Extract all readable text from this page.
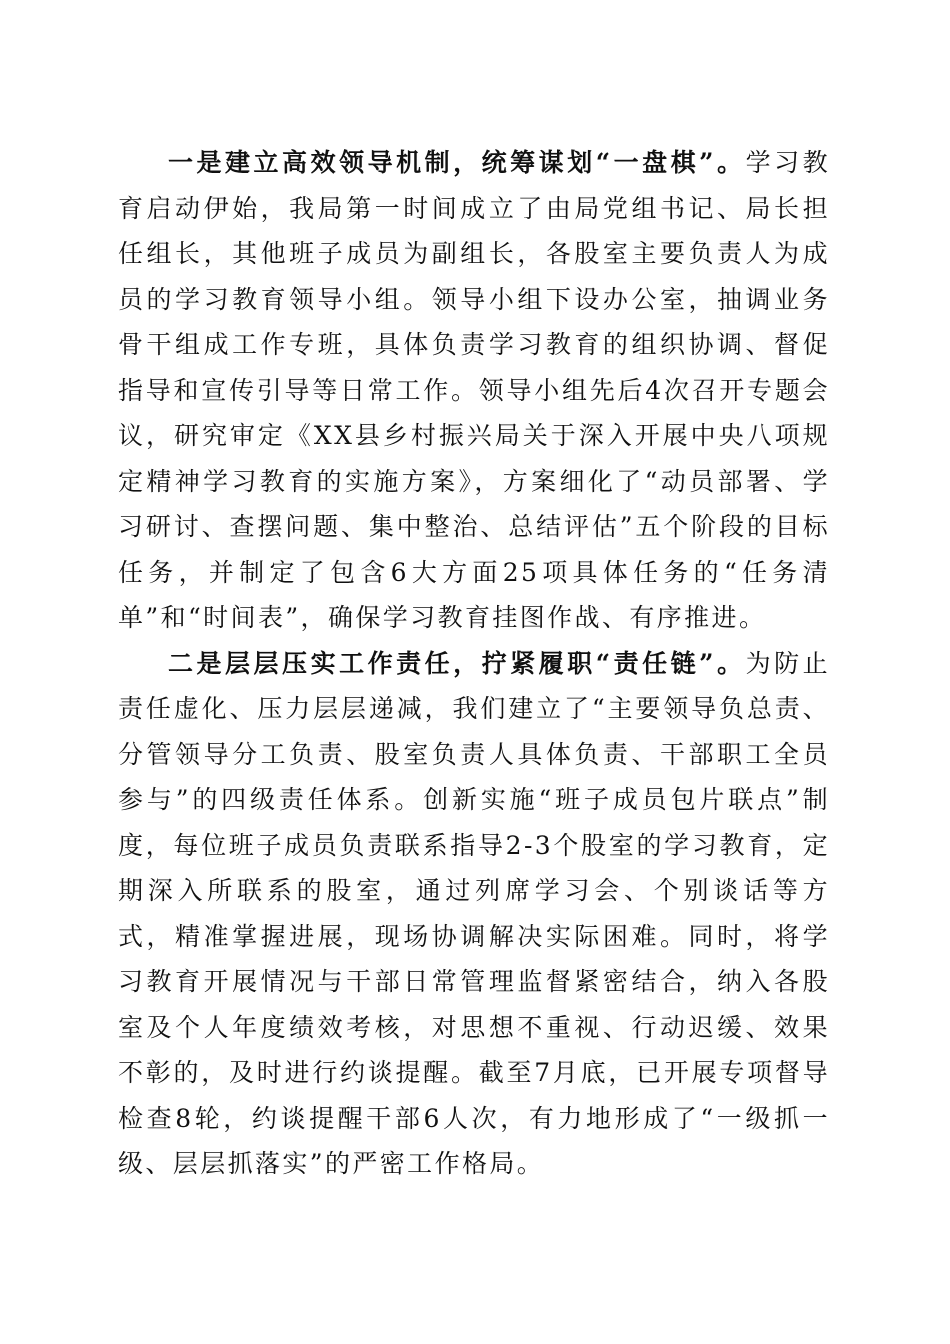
一是建立高效领导机制，统筹谋划“一盘棋”。学习教育启动伊始，我局第一时间成立了由局党组书记、局长担任组长，其他班子成员为副组长，各股室主要负责人为成员的学习教育领导小组。领导小组下设办公室，抽调业务骨干组成工作专班，具体负责学习教育的组织协调、督促指导和宣传引导等日常工作。领导小组先后4次召开专题会议，研究审定《XX县乡村振兴局关于深入开展中央八项规定精神学习教育的实施方案》，方案细化了“动员部署、学习研讨、查摆问题、集中整治、总结评估”五个阶段的目标任务，并制定了包含6大方面25项具体任务的“任务清单”和“时间表”，确保学习教育挂图作战、有序推进。

二是层层压实工作责任，拧紧履职“责任链”。为防止责任虚化、压力层层递减，我们建立了“主要领导负总责、分管领导分工负责、股室负责人具体负责、干部职工全员参与”的四级责任体系。创新实施“班子成员包片联点”制度，每位班子成员负责联系指导2-3个股室的学习教育，定期深入所联系的股室，通过列席学习会、个别谈话等方式，精准掌握进展，现场协调解决实际困难。同时，将学习教育开展情况与干部日常管理监督紧密结合，纳入各股室及个人年度绩效考核，对思想不重视、行动迟缓、效果不彰的，及时进行约谈提醒。截至7月底，已开展专项督导检查8轮，约谈提醒干部6人次，有力地形成了“一级抓一级、层层抓落实”的严密工作格局。
